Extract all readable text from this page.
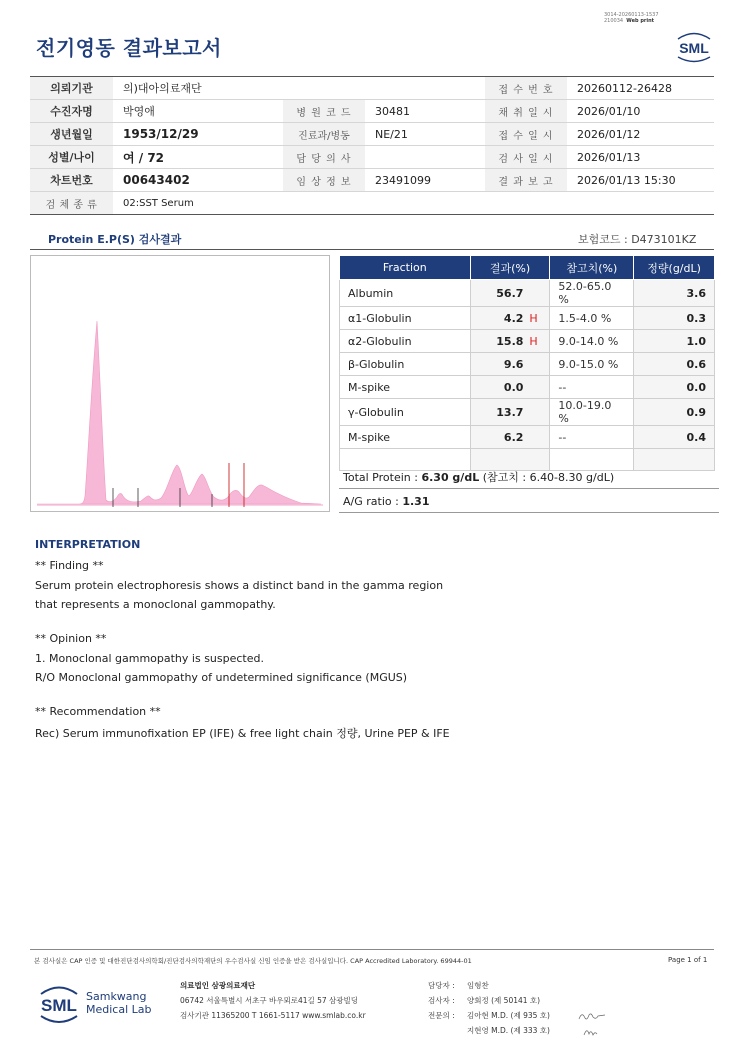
3014-20260113-1537
210034 Web print
전기영동 결과보고서	SML
의뢰기관	의)대아의료재단			접 수 번 호	20260112-26428
수진자명	박영애	병 원 코 드	30481	채 취 일 시	2026/01/10
생년월일	1953/12/29	진료과/병동	NE/21	접 수 일 시	2026/01/12
성별/나이	여 / 72	담 당 의 사		검 사 일 시	2026/01/13
차트번호	00643402	임 상 정 보	23491099	결 과 보 고	2026/01/13 15:30
검 체 종 류	02:SST Serum				
Protein E.P(S) 검사결과	보험코드 : D473101KZ
Fraction	결과(%)	참고치(%)	정량(g/dL)
Albumin	56.7	52.0-65.0 %	3.6
α1-Globulin	4.2 H	1.5-4.0 %	0.3
α2-Globulin	15.8 H	9.0-14.0 %	1.0
β-Globulin	9.6	9.0-15.0 %	0.6
M-spike	0.0	--	0.0
γ-Globulin	13.7	10.0-19.0 %	0.9
M-spike	6.2	--	0.4

Total Protein : 6.30 g/dL (참고치 : 6.40-8.30 g/dL)
A/G ratio : 1.31
INTERPRETATION
** Finding **
Serum protein electrophoresis shows a distinct band in the gamma region
that represents a monoclonal gammopathy.
** Opinion **
1. Monoclonal gammopathy is suspected.
R/O Monoclonal gammopathy of undetermined significance (MGUS)
** Recommendation **
Rec) Serum immunofixation EP (IFE) & free light chain 정량, Urine PEP & IFE
본 검사실은 CAP 인증 및 대한진단검사의학회/진단검사의학재단의 우수검사실 신임 인증을 받은 검사실입니다. CAP Accredited Laboratory. 69944-01	Page 1 of 1
SML Samkwang
Medical Lab
의료법인 삼광의료재단
06742 서울특별시 서초구 바우뫼로41길 57 삼광빌딩
검사기관 11365200 T 1661-5117 www.smlab.co.kr
담당자 : 임형찬
검사자 : 양회정 (제 50141 호)
전문의 : 김아현 M.D. (제 935 호)
지현영 M.D. (제 333 호)
